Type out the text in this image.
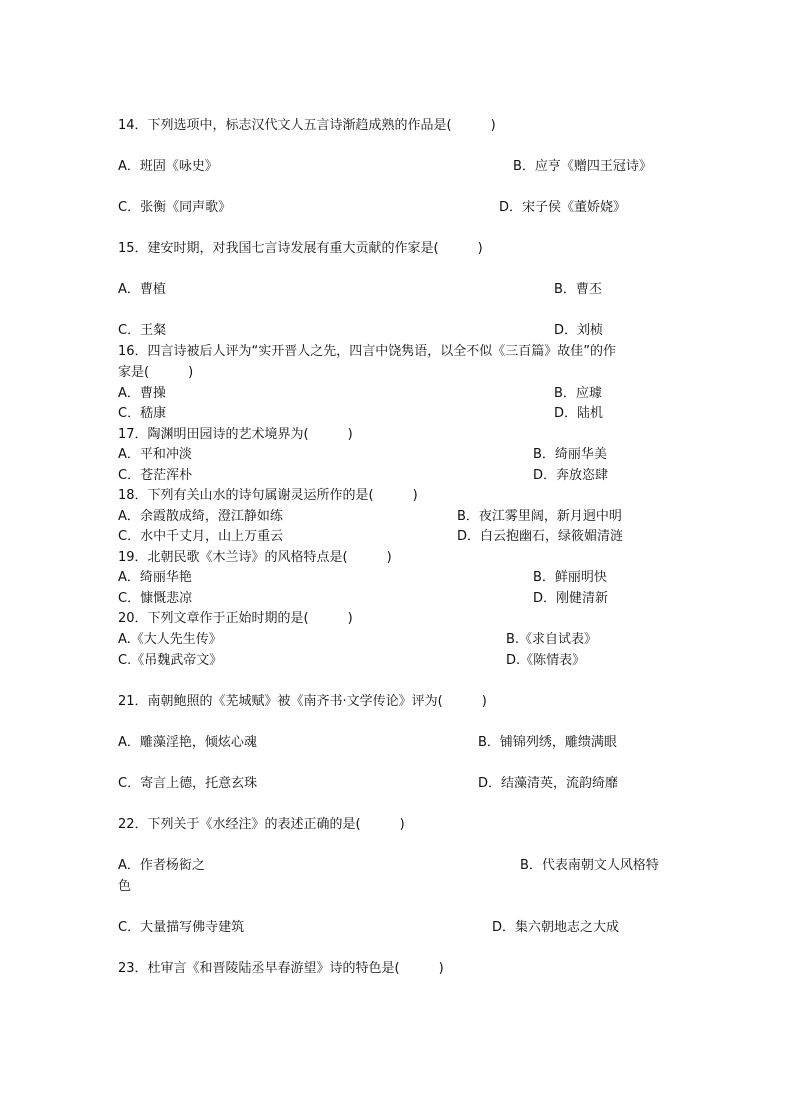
14．下列选项中，标志汉代文人五言诗渐趋成熟的作品是(　　　)
A．班固《咏史》	B．应亨《赠四王冠诗》
C．张衡《同声歌》	D．宋子侯《董娇娆》
15．建安时期，对我国七言诗发展有重大贡献的作家是(　　　)
A．曹植	B．曹丕
C．王粲	D．刘桢
16．四言诗被后人评为“实开晋人之先，四言中饶隽语，以全不似《三百篇》故佳”的作
家是(　　　)
A．曹操	B．应璩
C．嵇康	D．陆机
17．陶渊明田园诗的艺术境界为(　　　)
A．平和冲淡	B．绮丽华美
C．苍茫浑朴	D．奔放恣肆
18．下列有关山水的诗句属谢灵运所作的是(　　　)
A．余霞散成绮，澄江静如练	B．夜江雾里阔，新月迥中明
C．水中千丈月，山上万重云	D．白云抱幽石，绿筱媚清涟
19．北朝民歌《木兰诗》的风格特点是(　　　)
A．绮丽华艳	B．鲜丽明快
C．慷慨悲凉	D．刚健清新
20．下列文章作于正始时期的是(　　　)
A.《大人先生传》	B.《求自试表》
C.《吊魏武帝文》	D.《陈情表》
21．南朝鲍照的《芜城赋》被《南齐书·文学传论》评为(　　　)
A．雕藻淫艳，倾炫心魂	B．铺锦列绣，雕缋满眼
C．寄言上德，托意玄珠	D．结藻清英，流韵绮靡
22．下列关于《水经注》的表述正确的是(　　　)
A．作者杨衒之	B．代表南朝文人风格特
色
C．大量描写佛寺建筑	D．集六朝地志之大成
23．杜审言《和晋陵陆丞早春游望》诗的特色是(　　　)
